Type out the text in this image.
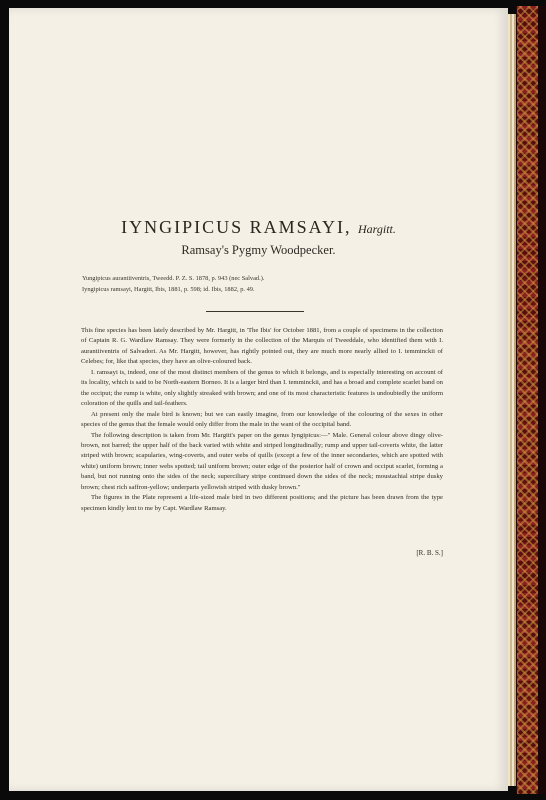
IYNGIPICUS RAMSAYI, Hargitt.
Ramsay's Pygmy Woodpecker.
Yungipicus aurantiiventris, Tweedd. P. Z. S. 1878, p. 943 (nec Salvad.).
Iyngipicus ramsayi, Hargitt, Ibis, 1881, p. 598; id. Ibis, 1882, p. 49.

This fine species has been lately described by Mr. Hargitt, in 'The Ibis' for October 1881, from a couple of specimens in the collection of Captain R. G. Wardlaw Ramsay. They were formerly in the collection of the Marquis of Tweeddale, who identified them with I. aurantiiventris of Salvadori. As Mr. Hargitt, however, has rightly pointed out, they are much more nearly allied to I. temminckii of Celebes; for, like that species, they have an olive-coloured back.

I. ramsayi is, indeed, one of the most distinct members of the genus to which it belongs, and is especially interesting on account of its locality, which is said to be North-eastern Borneo. It is a larger bird than I. temminckii, and has a broad and complete scarlet band on the occiput; the rump is white, only slightly streaked with brown; and one of its most characteristic features is undoubtedly the uniform coloration of the quills and tail-feathers.

At present only the male bird is known; but we can easily imagine, from our knowledge of the colouring of the sexes in other species of the genus that the female would only differ from the male in the want of the occipital band.

The following description is taken from Mr. Hargitt's paper on the genus Iyngipicus:—" Male. General colour above dingy olive-brown, not barred; the upper half of the back varied with white and striped longitudinally; rump and upper tail-coverts white, the latter striped with brown; scapularies, wing-coverts, and outer webs of quills (except a few of the inner secondaries, which are spotted with white) uniform brown; inner webs spotted; tail uniform brown; outer edge of the posterior half of crown and occiput scarlet, forming a band, but not running onto the sides of the neck; superciliary stripe continued down the sides of the neck; moustachial stripe dusky brown; chest rich saffron-yellow; underparts yellowish striped with dusky brown."

The figures in the Plate represent a life-sized male bird in two different positions; and the picture has been drawn from the type specimen kindly lent to me by Capt. Wardlaw Ramsay.

[R. B. S.]
